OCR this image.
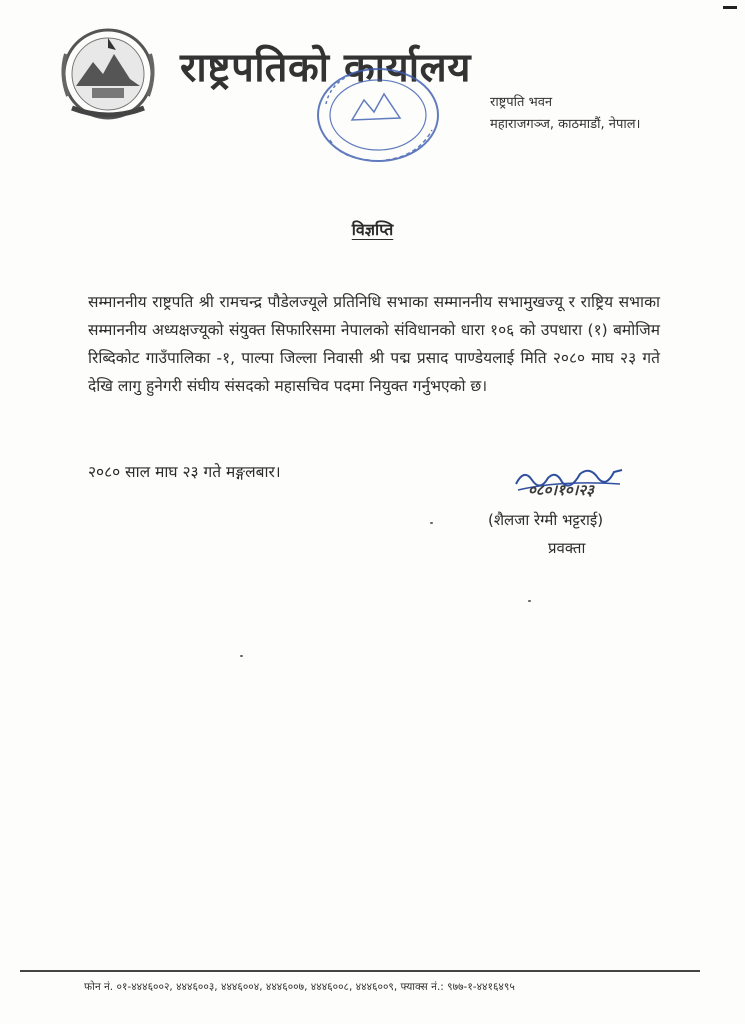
राष्ट्रपतिको कार्यालय
राष्ट्रपति भवन
महाराजगञ्ज, काठमाडौं, नेपाल।
विज्ञप्ति
सम्माननीय राष्ट्रपति श्री रामचन्द्र पौडेलज्यूले प्रतिनिधि सभाका सम्माननीय सभामुखज्यू र राष्ट्रिय सभाका सम्माननीय अध्यक्षज्यूको संयुक्त सिफारिसमा नेपालको संविधानको धारा १०६ को उपधारा (१) बमोजिम रिब्दिकोट गाउँपालिका -१, पाल्पा जिल्ला निवासी श्री पद्म प्रसाद पाण्डेयलाई मिति २०८० माघ २३ गते देखि लागु हुनेगरी संघीय संसदको महासचिव पदमा नियुक्त गर्नुभएको छ।
२०८० साल माघ २३ गते मङ्गलबार।
०८०।१०।२३
(शैलजा रेग्मी भट्टराई)
प्रवक्ता
फोन नं. ०१-४४४६००२, ४४४६००३, ४४४६००४, ४४४६००७, ४४४६००८, ४४४६००९, फ्याक्स नं.: ९७७-१-४४१६४९५
